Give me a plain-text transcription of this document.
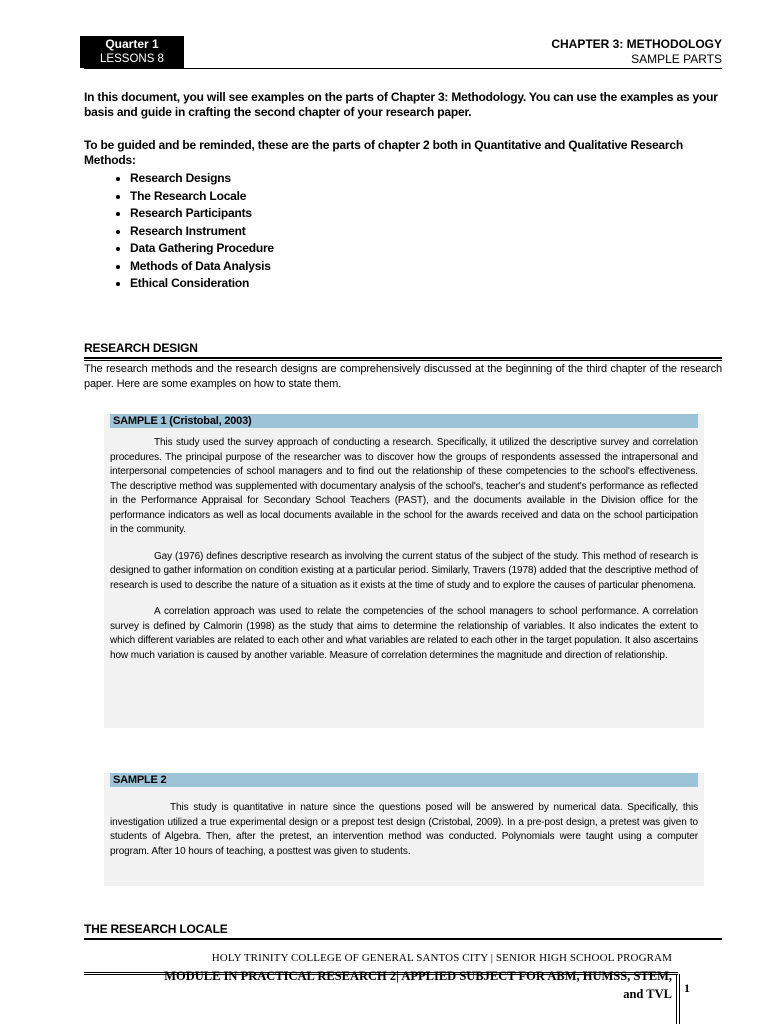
Quarter 1
LESSONS 8
CHAPTER 3: METHODOLOGY
SAMPLE PARTS
In this document, you will see examples on the parts of Chapter 3: Methodology. You can use the examples as your basis and guide in crafting the second chapter of your research paper.
To be guided and be reminded, these are the parts of chapter 2 both in Quantitative and Qualitative Research Methods:
• Research Designs
• The Research Locale
• Research Participants
• Research Instrument
• Data Gathering Procedure
• Methods of Data Analysis
• Ethical Consideration
RESEARCH DESIGN
The research methods and the research designs are comprehensively discussed at the beginning of the third chapter of the research paper. Here are some examples on how to state them.
SAMPLE 1 (Cristobal, 2003)

This study used the survey approach of conducting a research. Specifically, it utilized the descriptive survey and correlation procedures. The principal purpose of the researcher was to discover how the groups of respondents assessed the intrapersonal and interpersonal competencies of school managers and to find out the relationship of these competencies to the school's effectiveness. The descriptive method was supplemented with documentary analysis of the school's, teacher's and student's performance as reflected in the Performance Appraisal for Secondary School Teachers (PAST), and the documents available in the Division office for the performance indicators as well as local documents available in the school for the awards received and data on the school participation in the community.

Gay (1976) defines descriptive research as involving the current status of the subject of the study. This method of research is designed to gather information on condition existing at a particular period. Similarly, Travers (1978) added that the descriptive method of research is used to describe the nature of a situation as it exists at the time of study and to explore the causes of particular phenomena.

A correlation approach was used to relate the competencies of the school managers to school performance. A correlation survey is defined by Calmorin (1998) as the study that aims to determine the relationship of variables. It also indicates the extent to which different variables are related to each other and what variables are related to each other in the target population. It also ascertains how much variation is caused by another variable. Measure of correlation determines the magnitude and direction of relationship.

SAMPLE 2

This study is quantitative in nature since the questions posed will be answered by numerical data. Specifically, this investigation utilized a true experimental design or a prepost test design (Cristobal, 2009). In a pre-post design, a pretest was given to students of Algebra. Then, after the pretest, an intervention method was conducted. Polynomials were taught using a computer program. After 10 hours of teaching, a posttest was given to students.

THE RESEARCH LOCALE
HOLY TRINITY COLLEGE OF GENERAL SANTOS CITY | SENIOR HIGH SCHOOL PROGRAM
MODULE IN PRACTICAL RESEARCH 2| APPLIED SUBJECT FOR ABM, HUMSS, STEM,
and TVL 1
